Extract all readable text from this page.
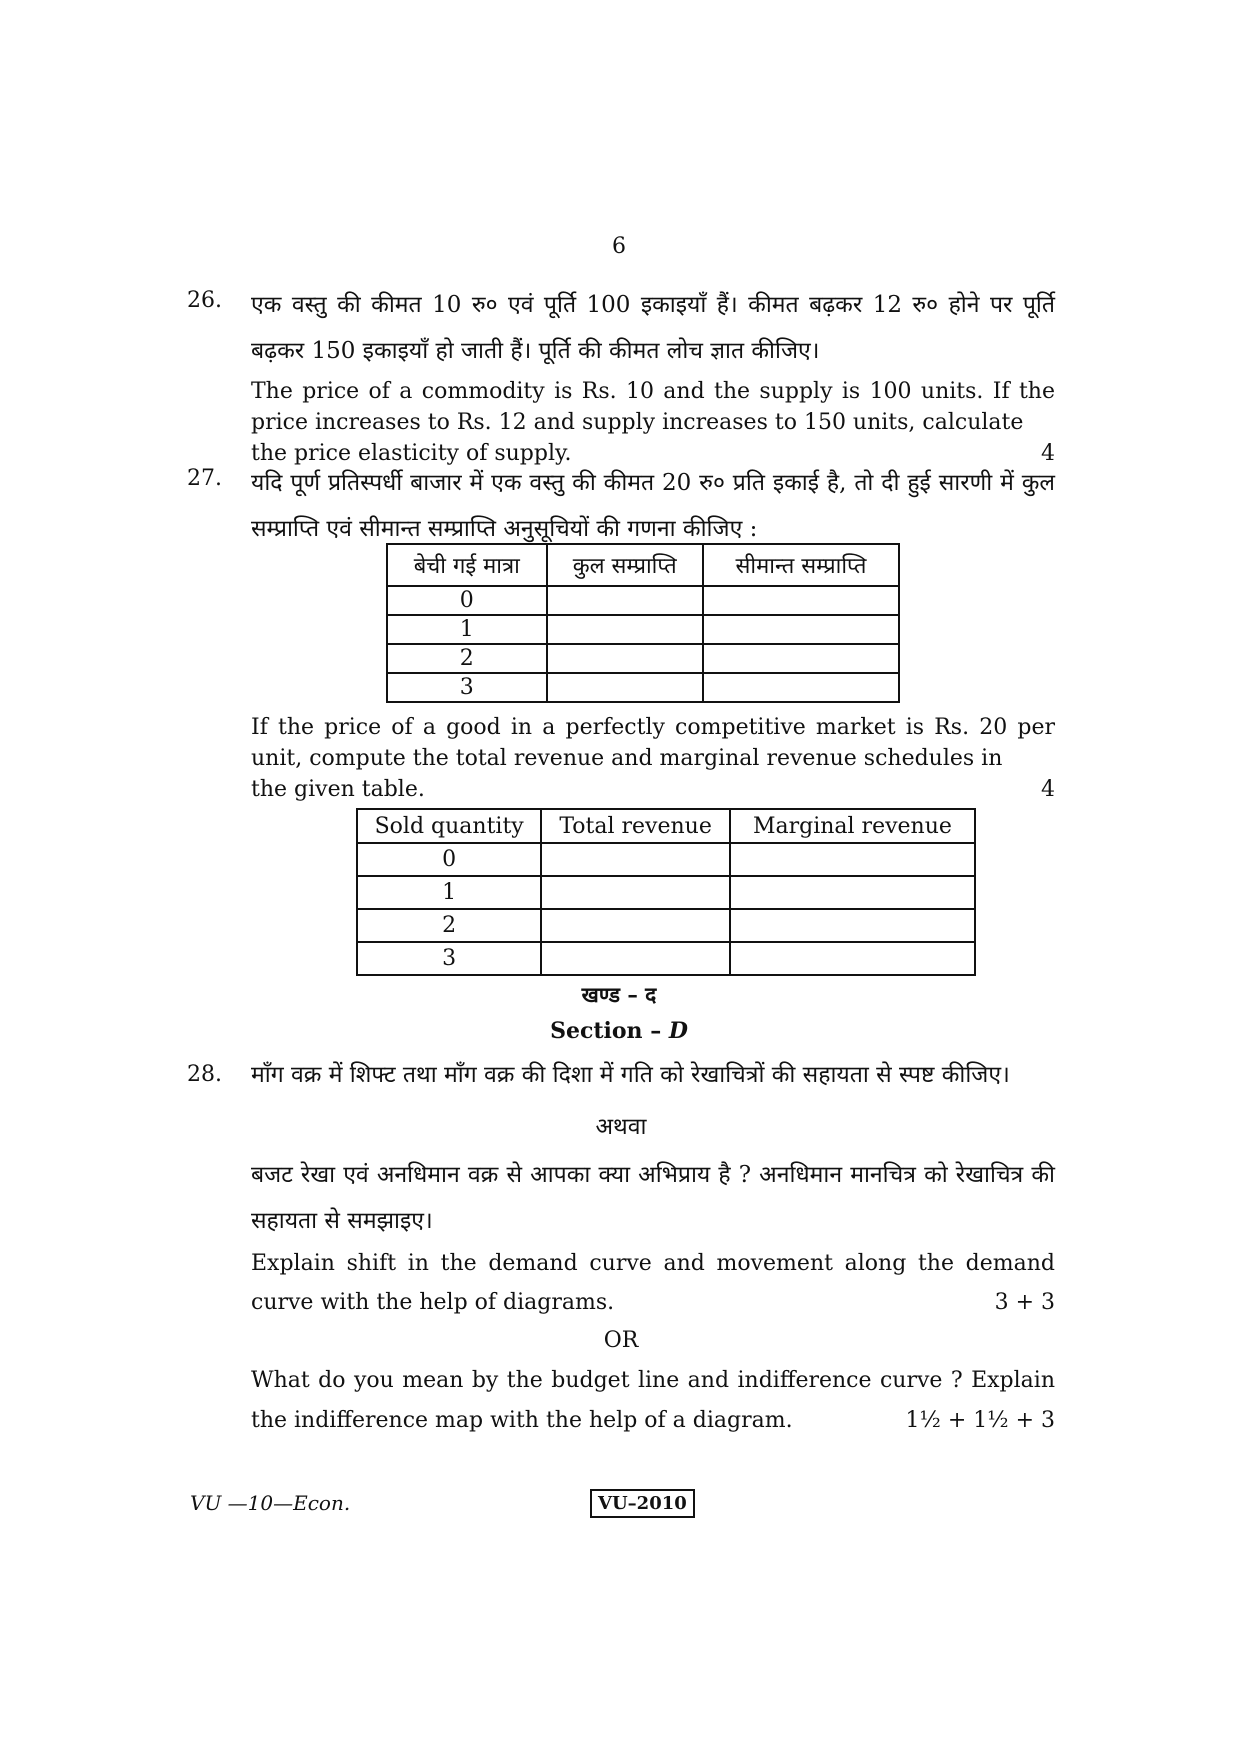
6
26. एक वस्तु की कीमत 10 रु० एवं पूर्ति 100 इकाइयाँ हैं। कीमत बढ़कर 12 रु० होने पर पूर्ति बढ़कर 150 इकाइयाँ हो जाती हैं। पूर्ति की कीमत लोच ज्ञात कीजिए।
The price of a commodity is Rs. 10 and the supply is 100 units. If the price increases to Rs. 12 and supply increases to 150 units, calculate
the price elasticity of supply.	4
27. यदि पूर्ण प्रतिस्पर्धी बाजार में एक वस्तु की कीमत 20 रु० प्रति इकाई है, तो दी हुई सारणी में कुल सम्प्राप्ति एवं सीमान्त सम्प्राप्ति अनुसूचियों की गणना कीजिए :
बेची गई मात्रा	कुल सम्प्राप्ति	सीमान्त सम्प्राप्ति
0		
1		
2		
3		
If the price of a good in a perfectly competitive market is Rs. 20 per unit, compute the total revenue and marginal revenue schedules in
the given table.	4
Sold quantity	Total revenue	Marginal revenue
0		
1		
2		
3		
खण्ड – द
Section – D
28. माँग वक्र में शिफ्ट तथा माँग वक्र की दिशा में गति को रेखाचित्रों की सहायता से स्पष्ट कीजिए।
अथवा
बजट रेखा एवं अनधिमान वक्र से आपका क्या अभिप्राय है ? अनधिमान मानचित्र को रेखाचित्र की सहायता से समझाइए।
Explain shift in the demand curve and movement along the demand
curve with the help of diagrams.	3 + 3
OR
What do you mean by the budget line and indifference curve ? Explain
the indifference map with the help of a diagram.	1½ + 1½ + 3
VU —10—Econ.	VU–2010
